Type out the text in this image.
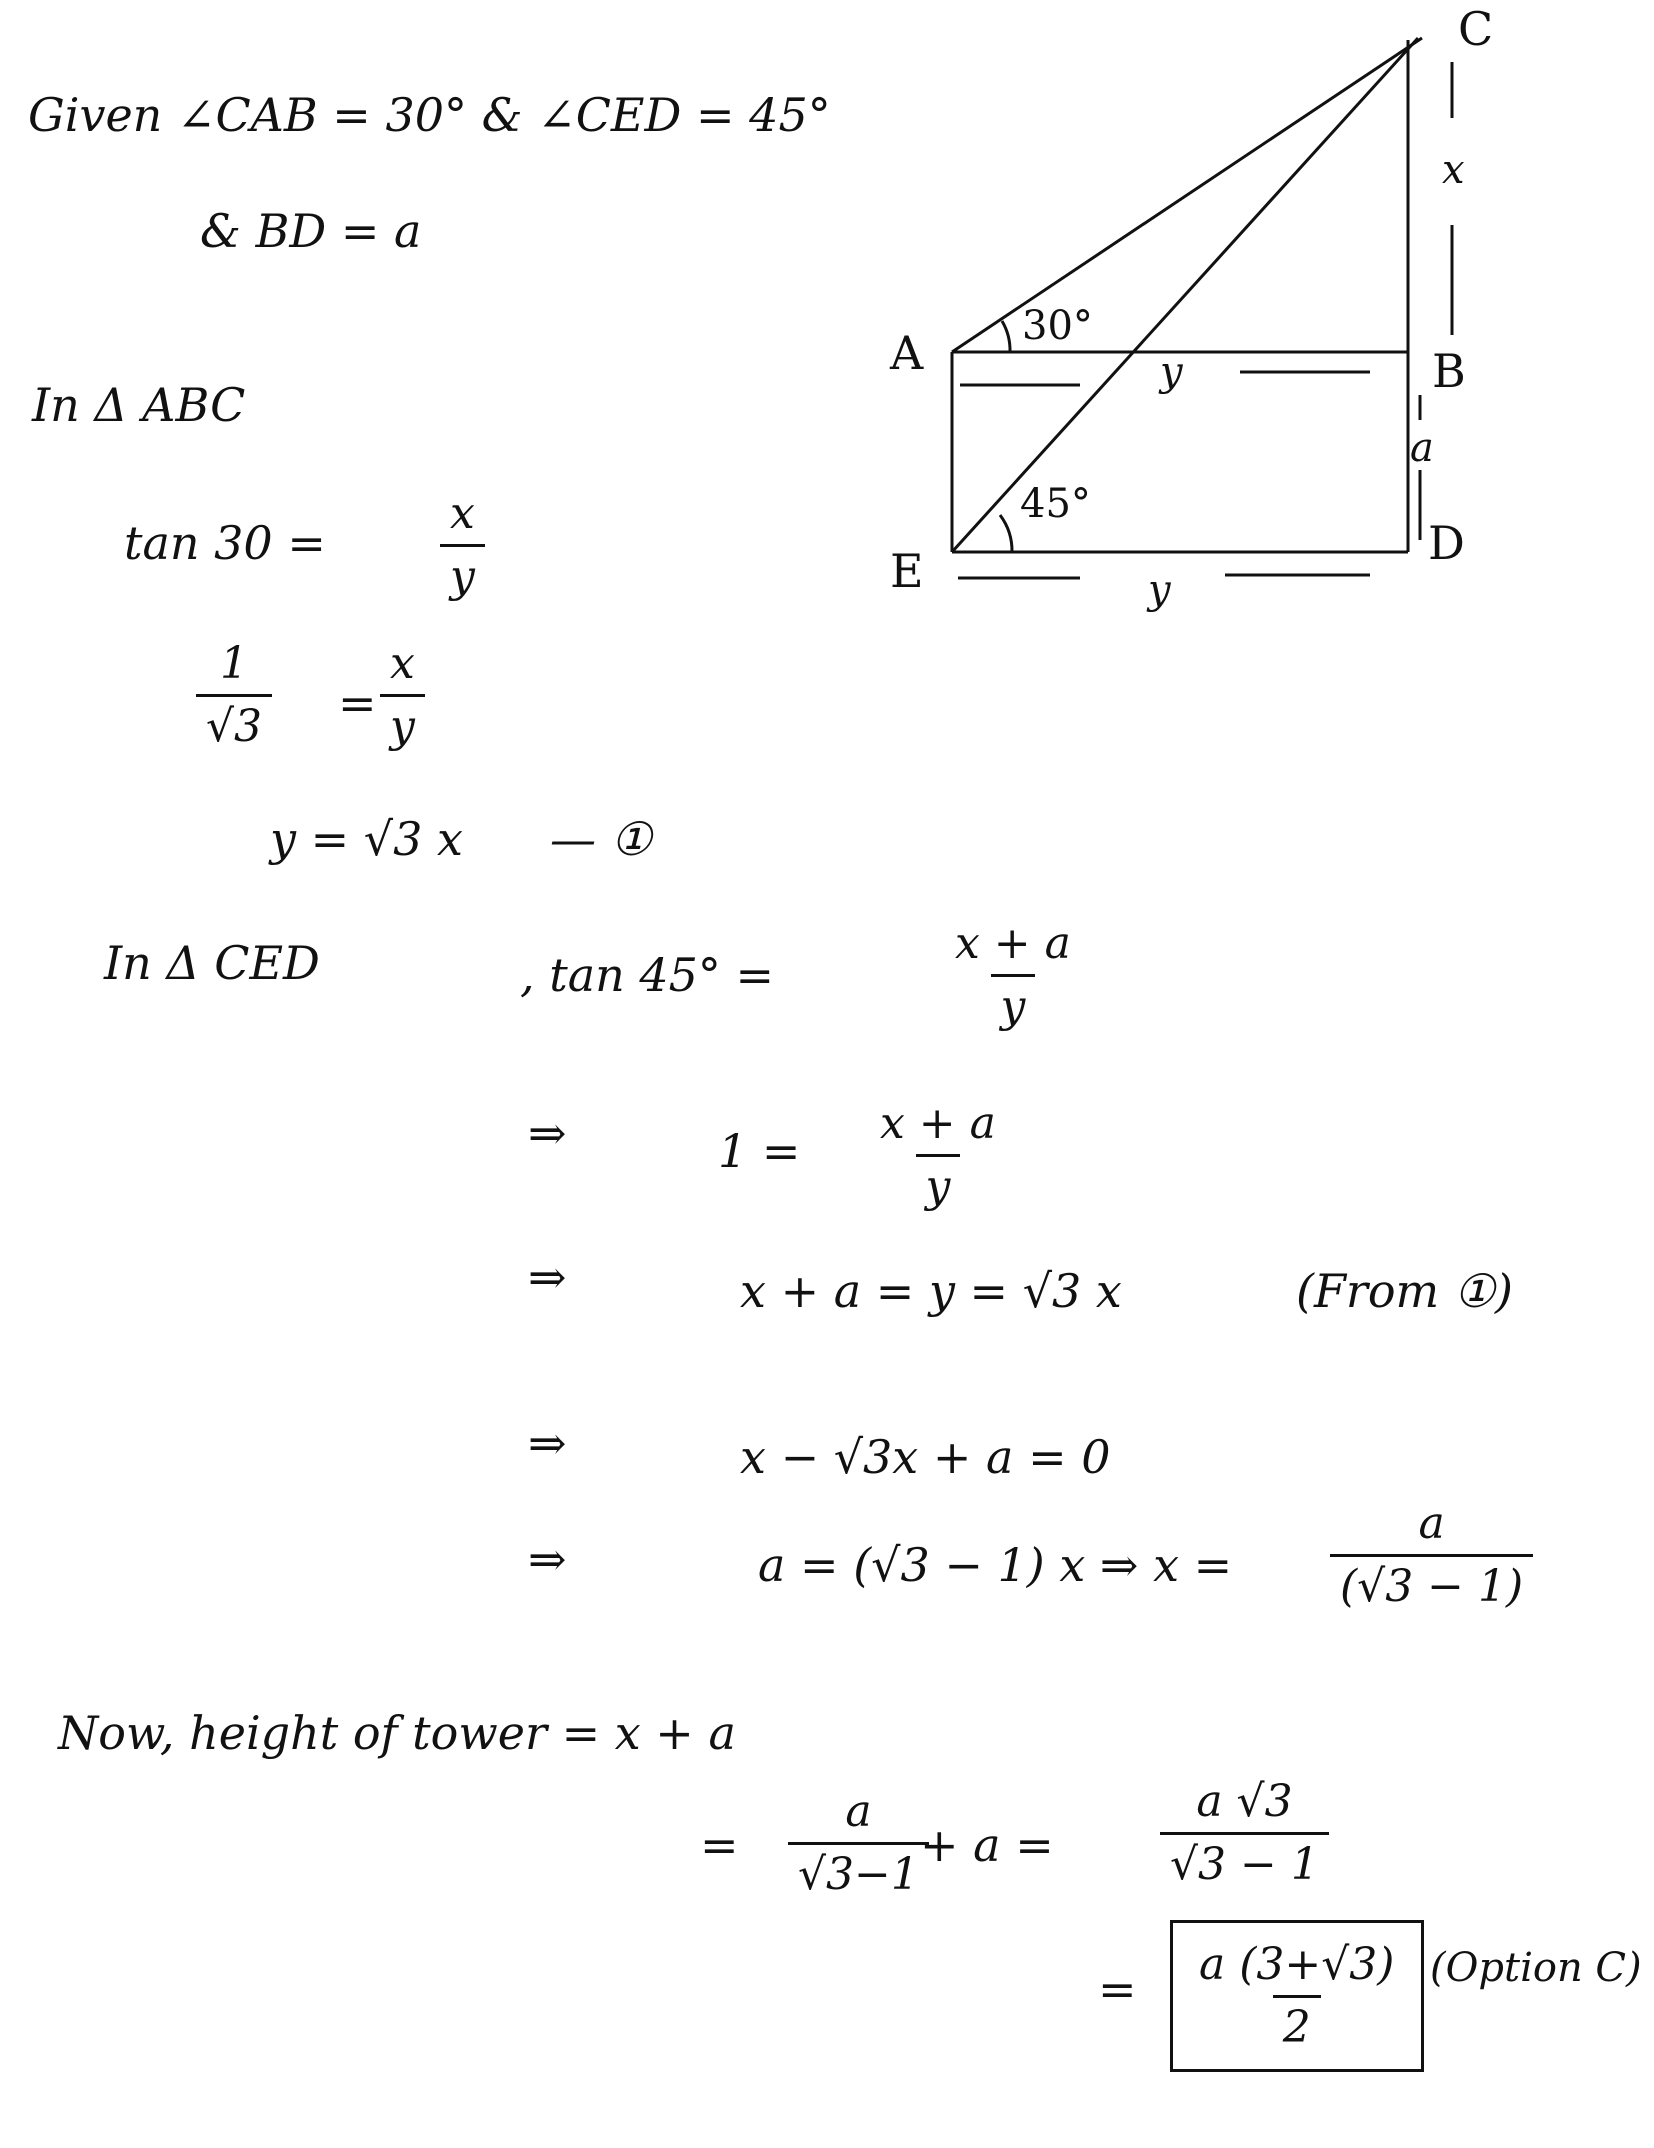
Given ∠CAB = 30° & ∠CED = 45°
& BD = a
C
A	B
E
D
30°
45°
x
a
y
y
In Δ ABC
tan 30 =	$\frac{x}{y}$
$\frac{1}{√3} = \frac{x}{y}$
y = √3 x — ①
In Δ CED	, tan 45° =	$\frac{x + a}{y}$
⇒	$1 = \frac{x + a}{y}$
⇒	x + a = y = √3 x	(From ①)
⇒	x − √3x + a = 0
⇒	a = (√3 − 1) x ⇒ $x = \frac{a}{(√3 - 1)}$
Now, height of tower = x + a
= $\frac{a}{√3-1}$
+ $a = \frac{a √3}{√3 - 1}$
= $\frac{a (3+√3)}{2}$ (Option C)
